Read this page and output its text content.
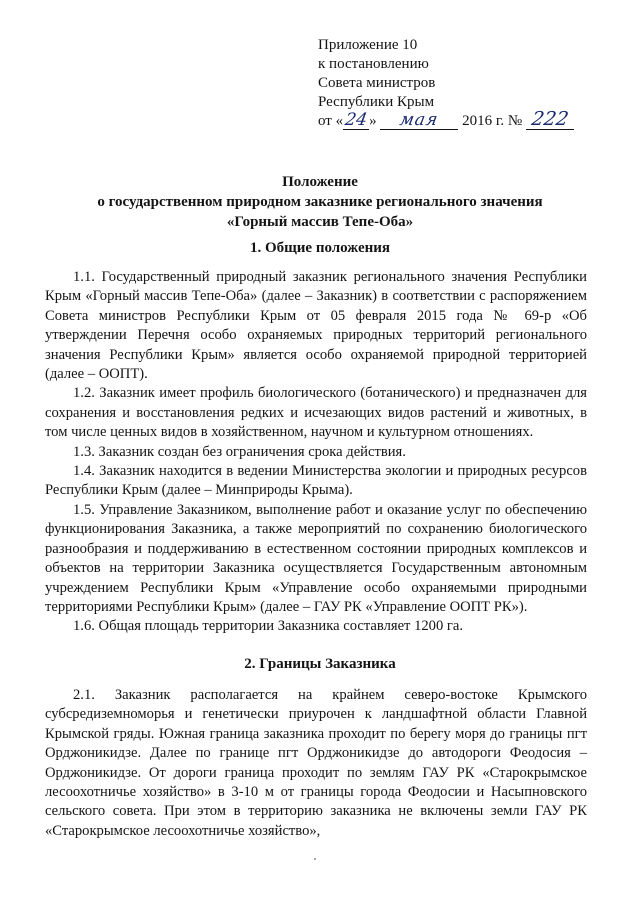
Приложение 10
к постановлению
Совета министров
Республики Крым
от «24» мая 2016 г. № 222
Положение
о государственном природном заказнике регионального значения
«Горный массив Тепе-Оба»
1. Общие положения

1.1. Государственный природный заказник регионального значения Республики Крым «Горный массив Тепе-Оба» (далее – Заказник) в соответствии с распоряжением Совета министров Республики Крым от 05 февраля 2015 года № 69-р «Об утверждении Перечня особо охраняемых природных территорий регионального значения Республики Крым» является особо охраняемой природной территорией (далее – ООПТ).

1.2. Заказник имеет профиль биологического (ботанического) и предназначен для сохранения и восстановления редких и исчезающих видов растений и животных, в том числе ценных видов в хозяйственном, научном и культурном отношениях.

1.3. Заказник создан без ограничения срока действия.

1.4. Заказник находится в ведении Министерства экологии и природных ресурсов Республики Крым (далее – Минприроды Крыма).

1.5. Управление Заказником, выполнение работ и оказание услуг по обеспечению функционирования Заказника, а также мероприятий по сохранению биологического разнообразия и поддерживанию в естественном состоянии природных комплексов и объектов на территории Заказника осуществляется Государственным автономным учреждением Республики Крым «Управление особо охраняемыми природными территориями Республики Крым» (далее – ГАУ РК «Управление ООПТ РК»).

1.6. Общая площадь территории Заказника составляет 1200 га.

2. Границы Заказника

2.1. Заказник располагается на крайнем северо-востоке Крымского субсредиземноморья и генетически приурочен к ландшафтной области Главной Крымской гряды. Южная граница заказника проходит по берегу моря до границы пгт Орджоникидзе. Далее по границе пгт Орджоникидзе до автодороги Феодосия – Орджоникидзе. От дороги граница проходит по землям ГАУ РК «Старокрымское лесоохотничье хозяйство» в 3-10 м от границы города Феодосии и Насыпновского сельского совета. При этом в территорию заказника не включены земли ГАУ РК «Старокрымское лесоохотничье хозяйство»,
